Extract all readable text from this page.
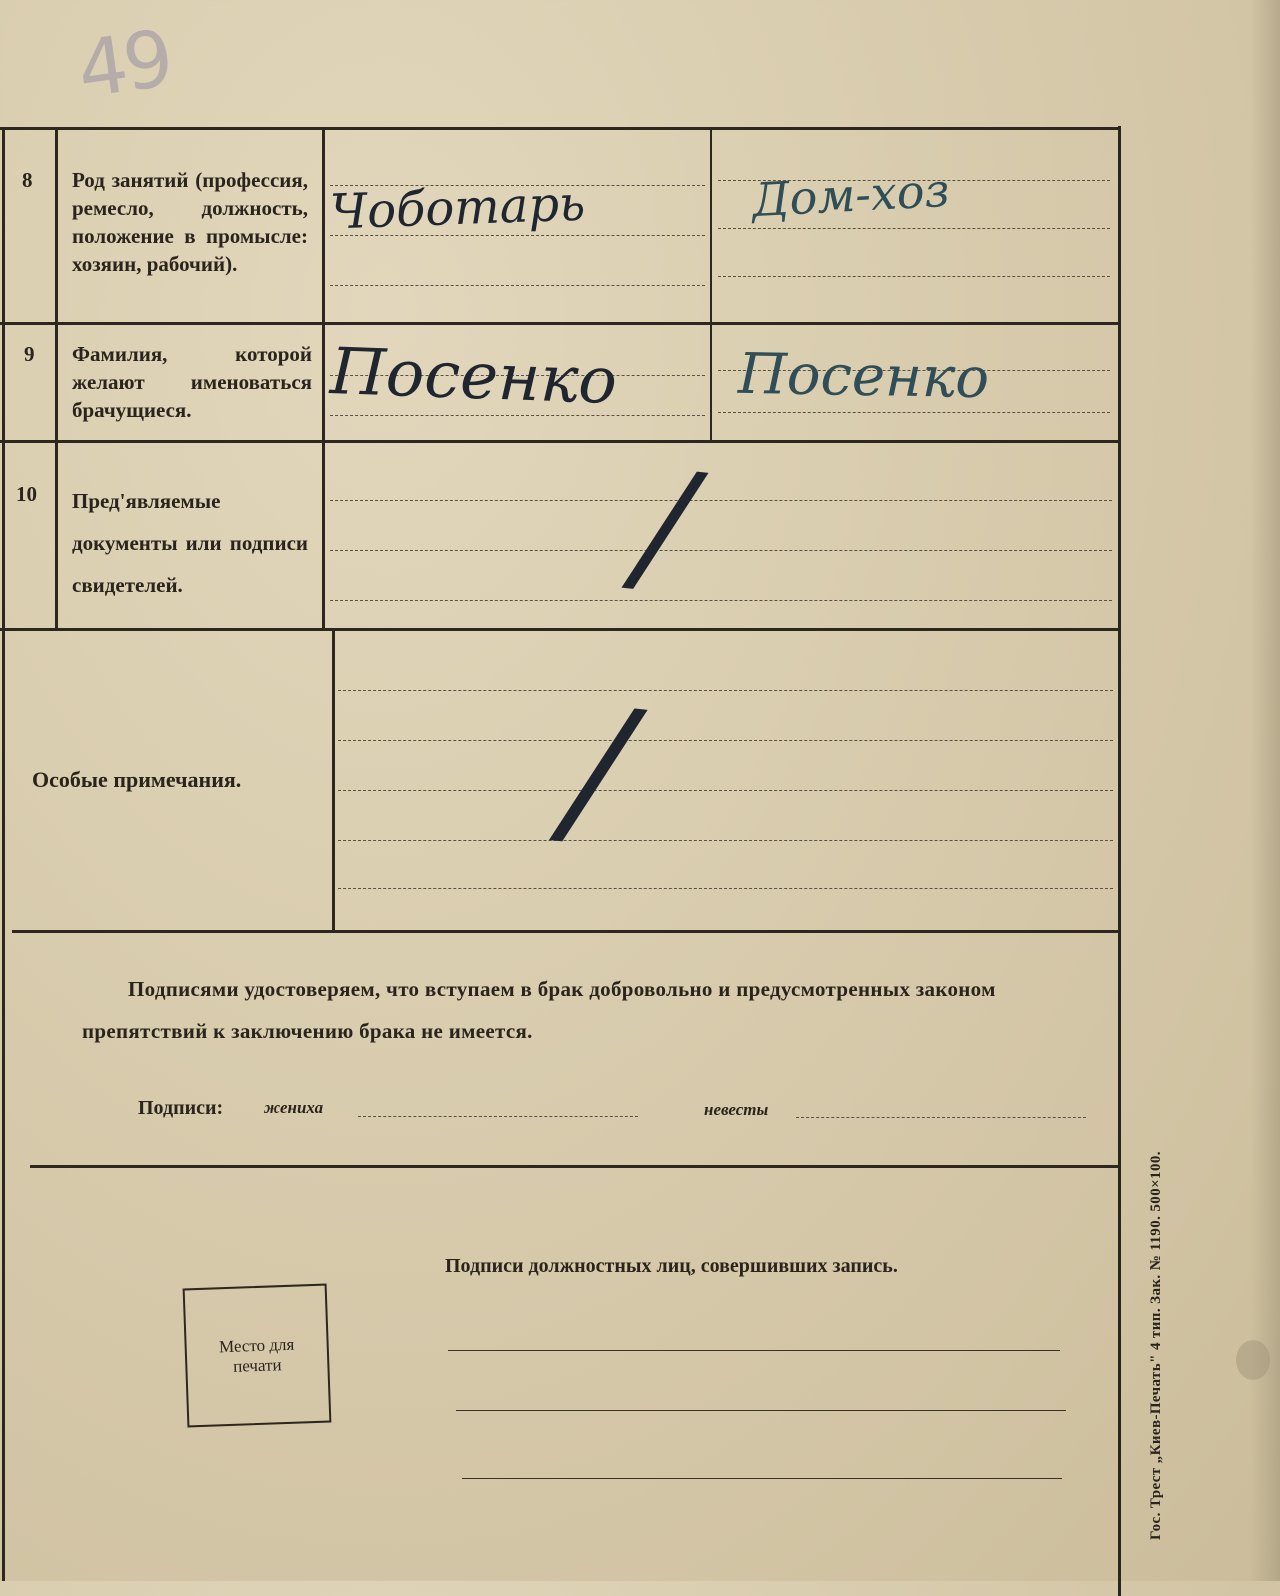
49
8 Род занятий (профессия, ремесло, должность, положение в промысле: хозяин, рабочий).
Чоботарь	Дом-хоз
9 Фамилия, которой желают именоваться брачущиеся.	Посенко Посенко
10 Пред'являемые документы или подписи свидетелей.	/
Особые примечания.	/
Подписями удостоверяем, что вступаем в брак добровольно и предусмотренных законом препятствий к заключению брака не имеется.
Подписи: жениха	невесты
Подписи должностных лиц, совершивших запись.
Место для печати	Гос. Трест „Киев-Печать" 4 тип. Зак. № 1190. 500×100.
